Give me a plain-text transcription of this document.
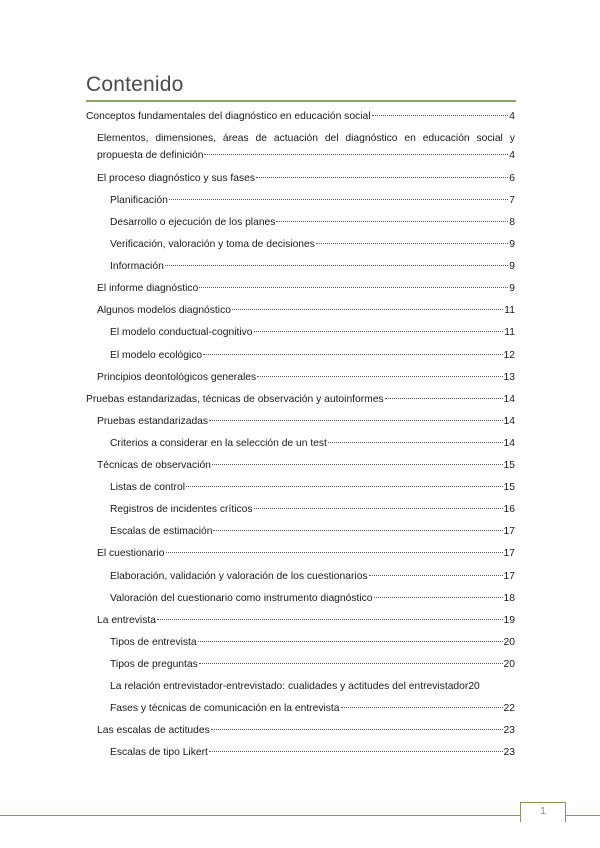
Contenido
Conceptos fundamentales del diagnóstico en educación social	4
Elementos, dimensiones, áreas de actuación del diagnóstico en educación social y
propuesta de definición	4
El proceso diagnóstico y sus fases	6
Planificación	7
Desarrollo o ejecución de los planes	8
Verificación, valoración y toma de decisiones	9
Información	9
El informe diagnóstico	9
Algunos modelos diagnóstico	11
El modelo conductual-cognitivo	11
El modelo ecológico	12
Principios deontológicos generales	13
Pruebas estandarizadas, técnicas de observación y autoinformes	14
Pruebas estandarizadas	14
Criterios a considerar en la selección de un test	14
Técnicas de observación	15
Listas de control	15
Registros de incidentes críticos	16
Escalas de estimación	17
El cuestionario	17
Elaboración, validación y valoración de los cuestionarios	17
Valoración del cuestionario como instrumento diagnóstico	18
La entrevista	19
Tipos de entrevista	20
Tipos de preguntas	20
La relación entrevistador-entrevistado: cualidades y actitudes del entrevistador 20
Fases y técnicas de comunicación en la entrevista	22
Las escalas de actitudes	23
Escalas de tipo Likert	23
1
